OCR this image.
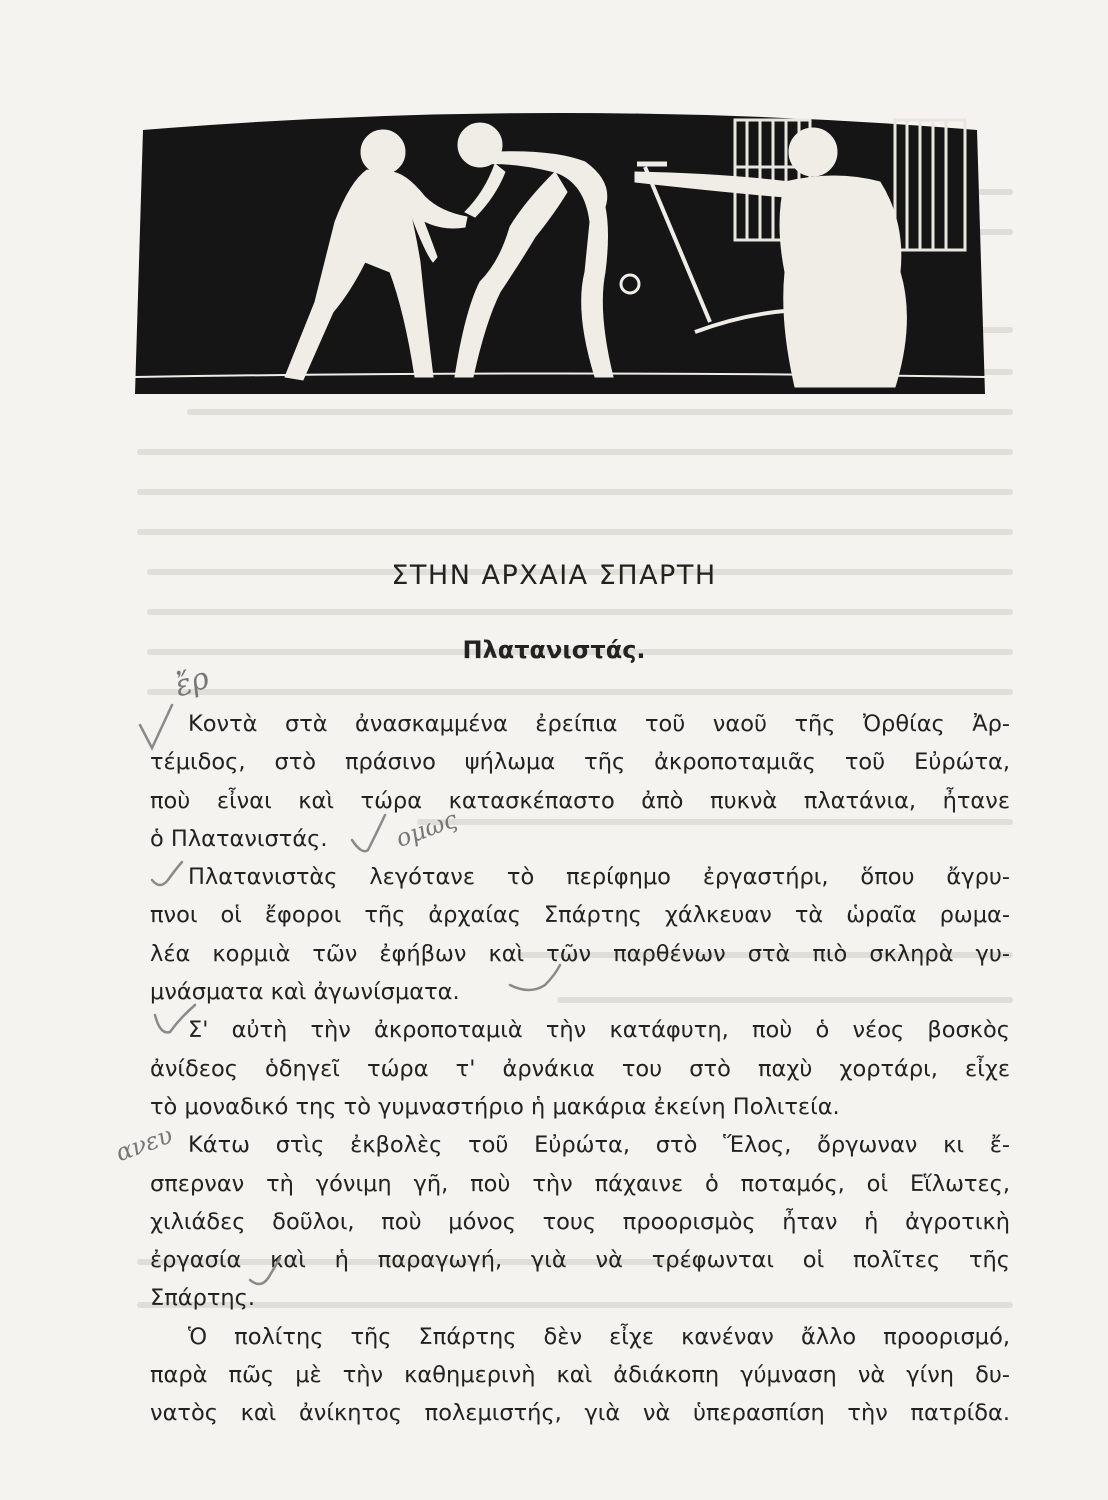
ΣΤΗΝ ΑΡΧΑΙΑ ΣΠΑΡΤΗ
Πλατανιστάς.

Κοντὰ στὰ ἀνασκαμμένα ἐρείπια τοῦ ναοῦ τῆς Ὀρθίας Ἀρ-
τέμιδος, στὸ πράσινο ψήλωμα τῆς ἀκροποταμιᾶς τοῦ Εὐρώτα,
ποὺ εἶναι καὶ τώρα κατασκέπαστο ἀπὸ πυκνὰ πλατάνια, ἦτανε
ὁ Πλατανιστάς.

Πλατανιστὰς λεγότανε τὸ περίφημο ἐργαστήρι, ὅπου ἄγρυ-
πνοι οἱ ἔφοροι τῆς ἀρχαίας Σπάρτης χάλκευαν τὰ ὡραῖα ρωμα-
λέα κορμιὰ τῶν ἐφήβων καὶ τῶν παρθένων στὰ πιὸ σκληρὰ γυ-
μνάσματα καὶ ἀγωνίσματα.

Σ' αὐτὴ τὴν ἀκροποταμιὰ τὴν κατάφυτη, ποὺ ὁ νέος βοσκὸς
ἀνίδεος ὁδηγεῖ τώρα τ' ἀρνάκια του στὸ παχὺ χορτάρι, εἶχε
τὸ μοναδικό της τὸ γυμναστήριο ἡ μακάρια ἐκείνη Πολιτεία.

Κάτω στὶς ἐκβολὲς τοῦ Εὐρώτα, στὸ Ἕλος, ὄργωναν κι ἔ-
σπερναν τὴ γόνιμη γῆ, ποὺ τὴν πάχαινε ὁ ποταμός, οἱ Εἵλωτες,
χιλιάδες δοῦλοι, ποὺ μόνος τους προορισμὸς ἦταν ἡ ἀγροτικὴ
ἐργασία καὶ ἡ παραγωγή, γιὰ νὰ τρέφωνται οἱ πολῖτες τῆς
Σπάρτης.

Ὁ πολίτης τῆς Σπάρτης δὲν εἶχε κανέναν ἄλλο προορισμό,
παρὰ πῶς μὲ τὴν καθημερινὴ καὶ ἀδιάκοπη γύμναση νὰ γίνη δυ-
νατὸς καὶ ἀνίκητος πολεμιστής, γιὰ νὰ ὑπερασπίση τὴν πατρίδα.

ἔρ
ομως
ανευ
